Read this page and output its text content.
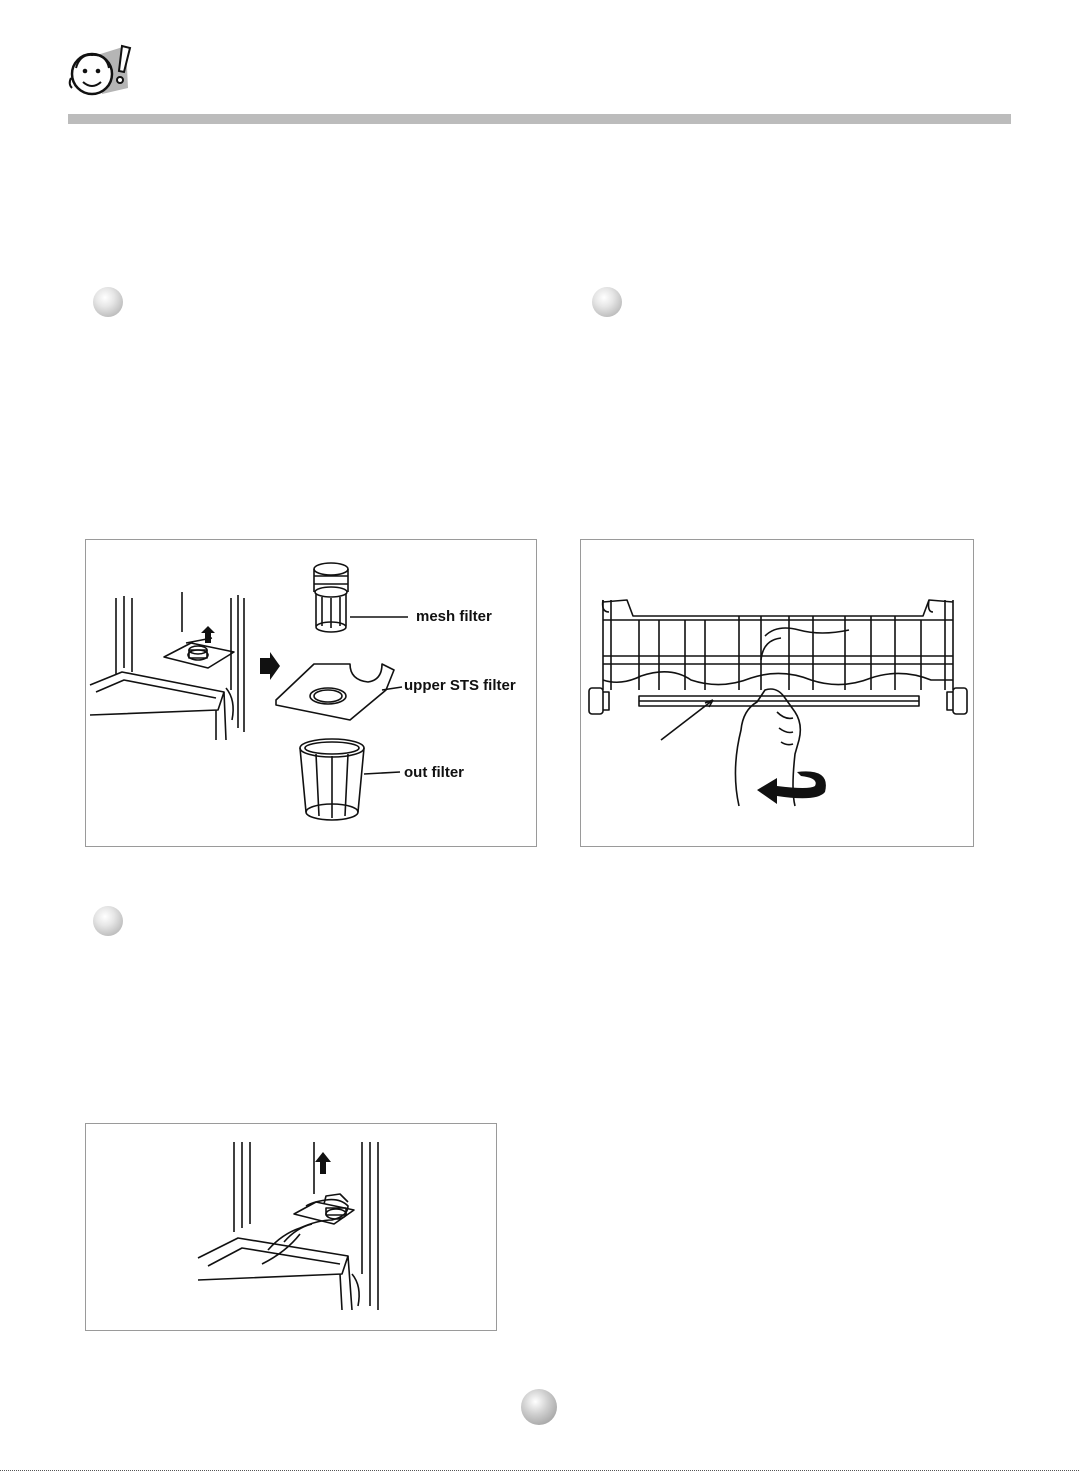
mesh filter
upper STS filter
out filter
